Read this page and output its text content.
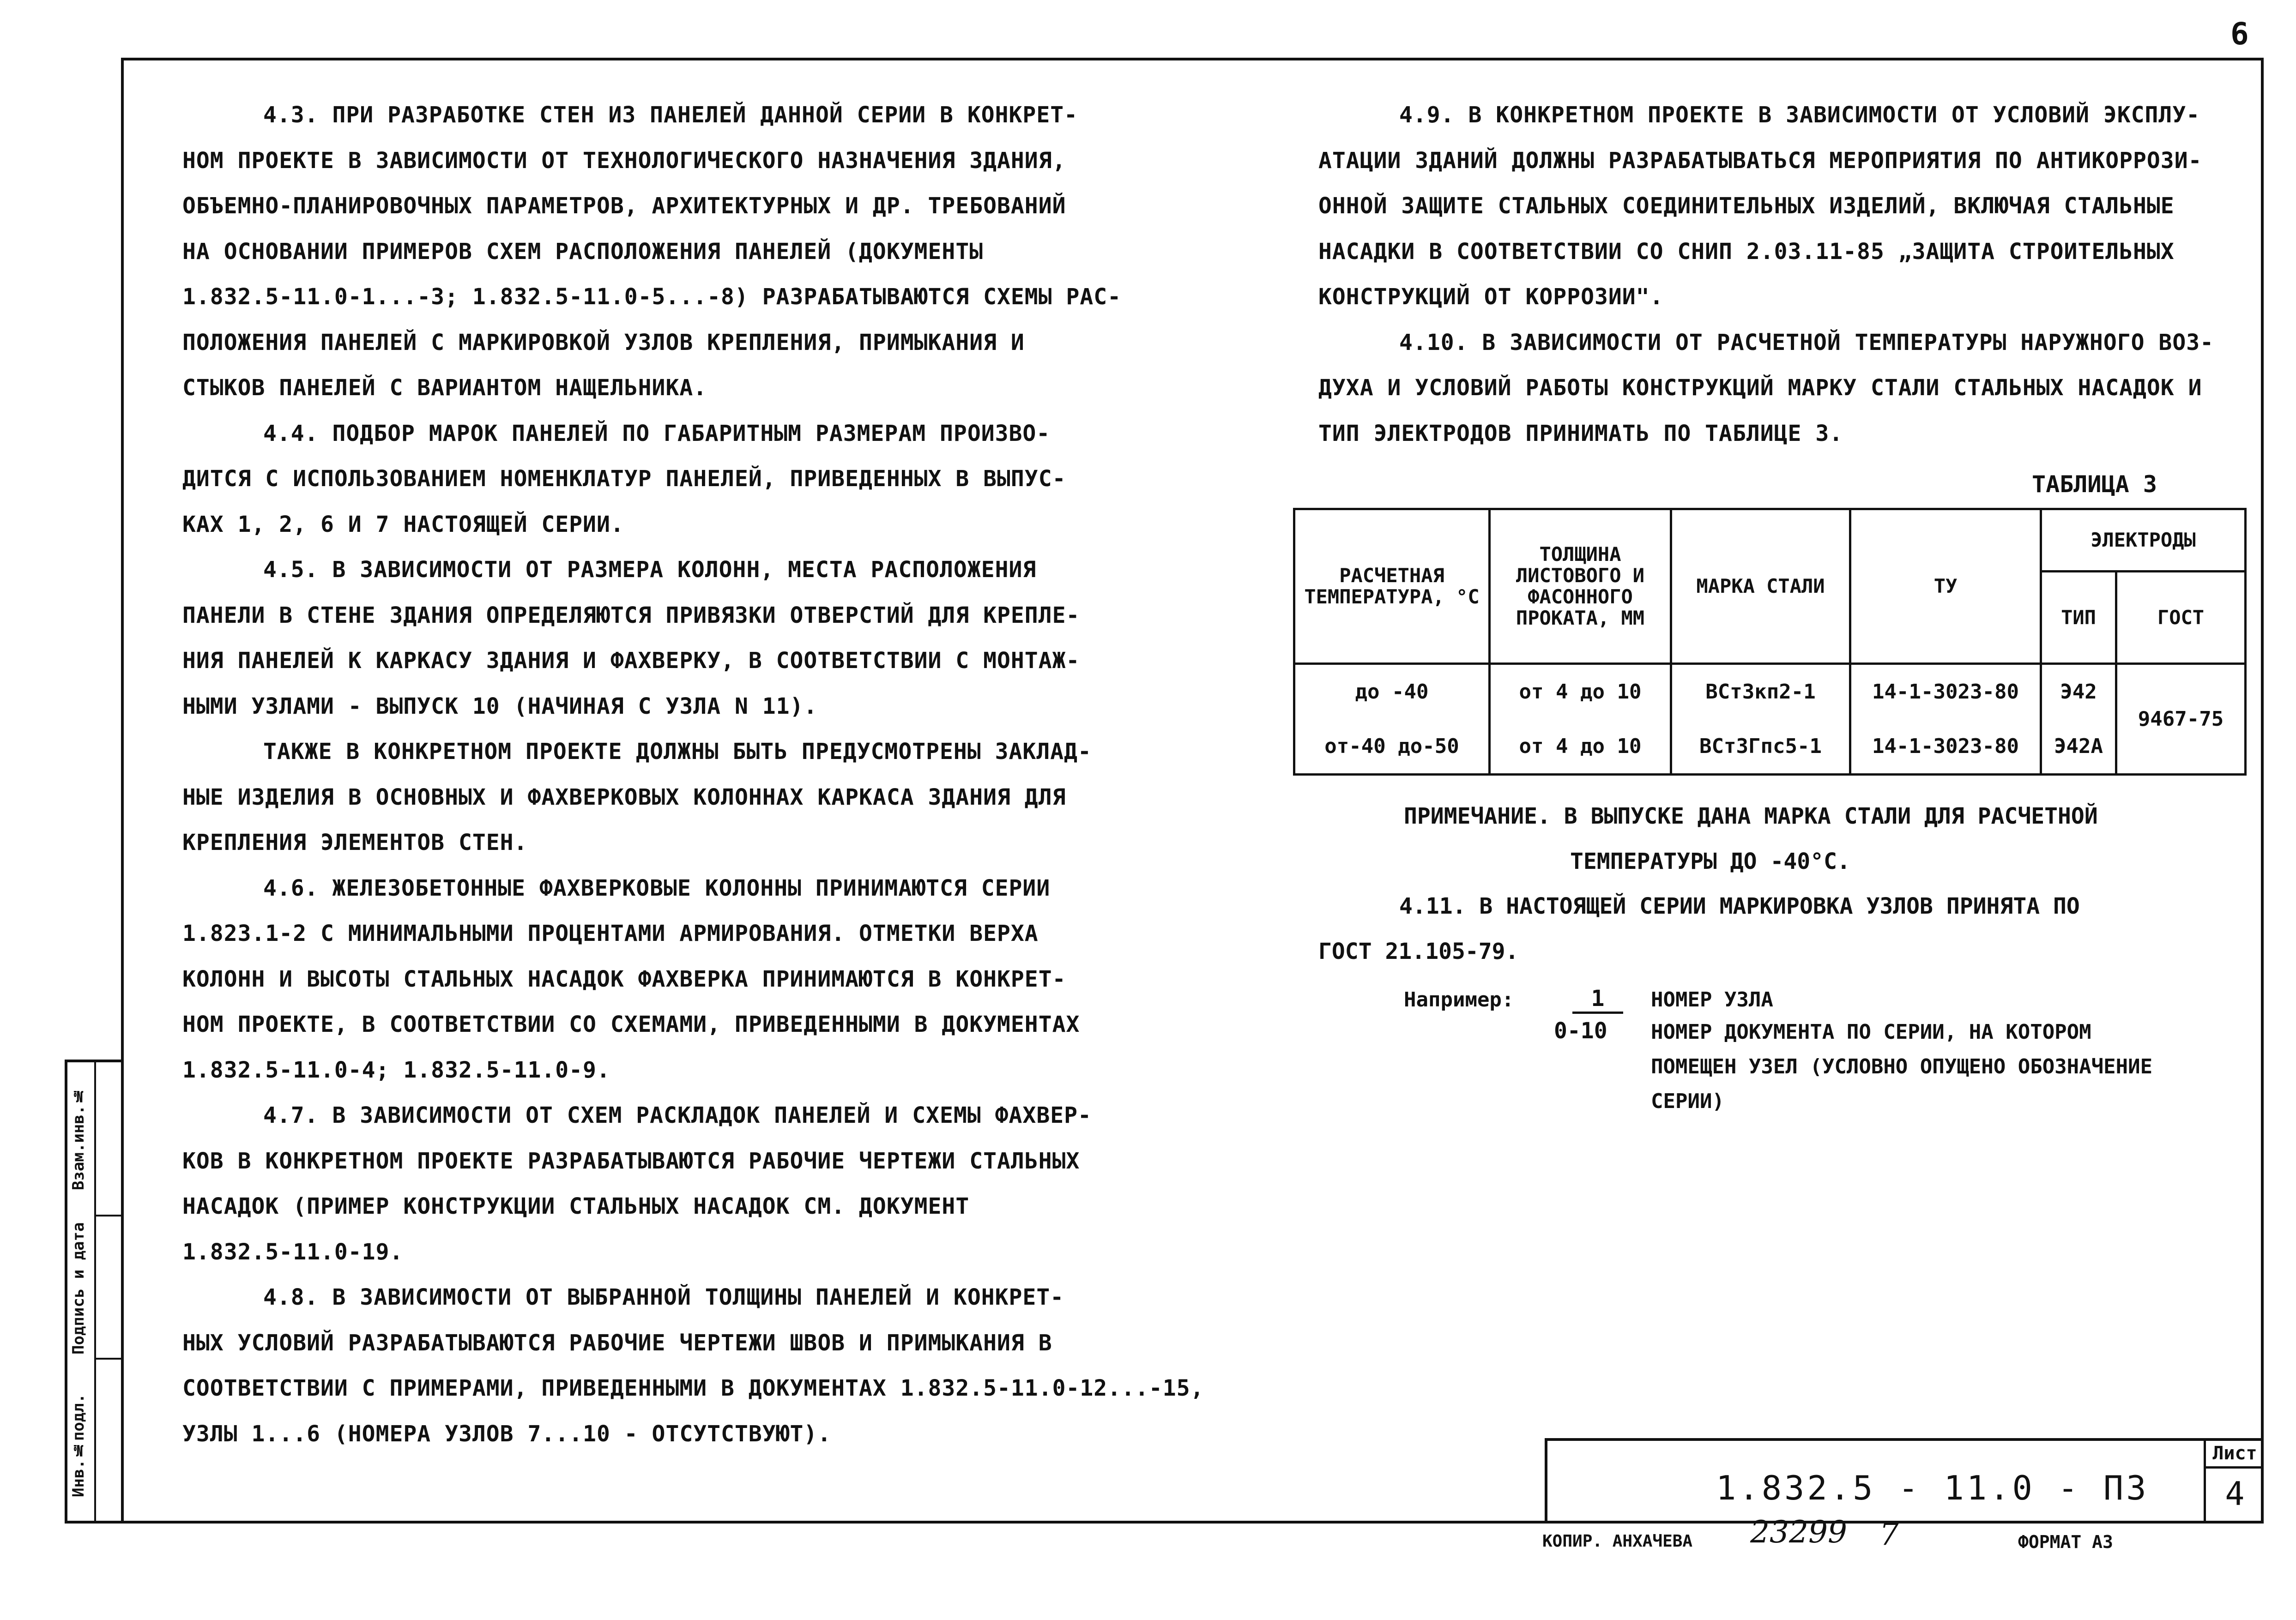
6
Инв.№подл.
Подпись и дата
Взам.инв.№

4.3. ПРИ РАЗРАБОТКЕ СТЕН ИЗ ПАНЕЛЕЙ ДАННОЙ СЕРИИ В КОНКРЕТ-

НОМ ПРОЕКТЕ В ЗАВИСИМОСТИ ОТ ТЕХНОЛОГИЧЕСКОГО НАЗНАЧЕНИЯ ЗДАНИЯ,

ОБЪЕМНО-ПЛАНИРОВОЧНЫХ ПАРАМЕТРОВ, АРХИТЕКТУРНЫХ И ДР. ТРЕБОВАНИЙ

НА ОСНОВАНИИ ПРИМЕРОВ СХЕМ РАСПОЛОЖЕНИЯ ПАНЕЛЕЙ (ДОКУМЕНТЫ

1.832.5-11.0-1...-3; 1.832.5-11.0-5...-8) РАЗРАБАТЫВАЮТСЯ СХЕМЫ РАС-

ПОЛОЖЕНИЯ ПАНЕЛЕЙ С МАРКИРОВКОЙ УЗЛОВ КРЕПЛЕНИЯ, ПРИМЫКАНИЯ И

СТЫКОВ ПАНЕЛЕЙ С ВАРИАНТОМ НАЩЕЛЬНИКА.

4.4. ПОДБОР МАРОК ПАНЕЛЕЙ ПО ГАБАРИТНЫМ РАЗМЕРАМ ПРОИЗВО-

ДИТСЯ С ИСПОЛЬЗОВАНИЕМ НОМЕНКЛАТУР ПАНЕЛЕЙ, ПРИВЕДЕННЫХ В ВЫПУС-

КАХ 1, 2, 6 И 7 НАСТОЯЩЕЙ СЕРИИ.

4.5. В ЗАВИСИМОСТИ ОТ РАЗМЕРА КОЛОНН, МЕСТА РАСПОЛОЖЕНИЯ

ПАНЕЛИ В СТЕНЕ ЗДАНИЯ ОПРЕДЕЛЯЮТСЯ ПРИВЯЗКИ ОТВЕРСТИЙ ДЛЯ КРЕПЛЕ-

НИЯ ПАНЕЛЕЙ К КАРКАСУ ЗДАНИЯ И ФАХВЕРКУ, В СООТВЕТСТВИИ С МОНТАЖ-

НЫМИ УЗЛАМИ - ВЫПУСК 10 (НАЧИНАЯ С УЗЛА N 11).

ТАКЖЕ В КОНКРЕТНОМ ПРОЕКТЕ ДОЛЖНЫ БЫТЬ ПРЕДУСМОТРЕНЫ ЗАКЛАД-

НЫЕ ИЗДЕЛИЯ В ОСНОВНЫХ И ФАХВЕРКОВЫХ КОЛОННАХ КАРКАСА ЗДАНИЯ ДЛЯ

КРЕПЛЕНИЯ ЭЛЕМЕНТОВ СТЕН.

4.6. ЖЕЛЕЗОБЕТОННЫЕ ФАХВЕРКОВЫЕ КОЛОННЫ ПРИНИМАЮТСЯ СЕРИИ

1.823.1-2 С МИНИМАЛЬНЫМИ ПРОЦЕНТАМИ АРМИРОВАНИЯ. ОТМЕТКИ ВЕРХА

КОЛОНН И ВЫСОТЫ СТАЛЬНЫХ НАСАДОК ФАХВЕРКА ПРИНИМАЮТСЯ В КОНКРЕТ-

НОМ ПРОЕКТЕ, В СООТВЕТСТВИИ СО СХЕМАМИ, ПРИВЕДЕННЫМИ В ДОКУМЕНТАХ

1.832.5-11.0-4; 1.832.5-11.0-9.

4.7. В ЗАВИСИМОСТИ ОТ СХЕМ РАСКЛАДОК ПАНЕЛЕЙ И СХЕМЫ ФАХВЕР-

КОВ В КОНКРЕТНОМ ПРОЕКТЕ РАЗРАБАТЫВАЮТСЯ РАБОЧИЕ ЧЕРТЕЖИ СТАЛЬНЫХ

НАСАДОК (ПРИМЕР КОНСТРУКЦИИ СТАЛЬНЫХ НАСАДОК СМ. ДОКУМЕНТ

1.832.5-11.0-19.

4.8. В ЗАВИСИМОСТИ ОТ ВЫБРАННОЙ ТОЛЩИНЫ ПАНЕЛЕЙ И КОНКРЕТ-

НЫХ УСЛОВИЙ РАЗРАБАТЫВАЮТСЯ РАБОЧИЕ ЧЕРТЕЖИ ШВОВ И ПРИМЫКАНИЯ В

СООТВЕТСТВИИ С ПРИМЕРАМИ, ПРИВЕДЕННЫМИ В ДОКУМЕНТАХ 1.832.5-11.0-12...-15,

УЗЛЫ 1...6 (НОМЕРА УЗЛОВ 7...10 - ОТСУТСТВУЮТ).

4.9. В КОНКРЕТНОМ ПРОЕКТЕ В ЗАВИСИМОСТИ ОТ УСЛОВИЙ ЭКСПЛУ-

АТАЦИИ ЗДАНИЙ ДОЛЖНЫ РАЗРАБАТЫВАТЬСЯ МЕРОПРИЯТИЯ ПО АНТИКОРРОЗИ-

ОННОЙ ЗАЩИТЕ СТАЛЬНЫХ СОЕДИНИТЕЛЬНЫХ ИЗДЕЛИЙ, ВКЛЮЧАЯ СТАЛЬНЫЕ

НАСАДКИ В СООТВЕТСТВИИ СО СНИП 2.03.11-85 „ЗАЩИТА СТРОИТЕЛЬНЫХ

КОНСТРУКЦИЙ ОТ КОРРОЗИИ".

4.10. В ЗАВИСИМОСТИ ОТ РАСЧЕТНОЙ ТЕМПЕРАТУРЫ НАРУЖНОГО ВОЗ-

ДУХА И УСЛОВИЙ РАБОТЫ КОНСТРУКЦИЙ МАРКУ СТАЛИ СТАЛЬНЫХ НАСАДОК И

ТИП ЭЛЕКТРОДОВ ПРИНИМАТЬ ПО ТАБЛИЦЕ 3.

ТАБЛИЦА 3
РАСЧЕТНАЯ ТЕМПЕРАТУРА, °С	ТОЛЩИНА ЛИСТОВОГО И ФАСОННОГО ПРОКАТА, ММ	МАРКА СТАЛИ	ТУ	ЭЛЕКТРОДЫ	
				ТИП	ГОСТ
до -40	от 4 до 10	ВСт3кп2-1	14-1-3023-80	Э42	9467-75
от-40 до-50	от 4 до 10	ВСт3Гпс5-1	14-1-3023-80	Э42А	
ПРИМЕЧАНИЕ. В ВЫПУСКЕ ДАНА МАРКА СТАЛИ ДЛЯ РАСЧЕТНОЙ
ТЕМПЕРАТУРЫ ДО -40°С.
4.11. В НАСТОЯЩЕЙ СЕРИИ МАРКИРОВКА УЗЛОВ ПРИНЯТА ПО
ГОСТ 21.105-79.
Например:	1
0-10
НОМЕР УЗЛА
НОМЕР ДОКУМЕНТА ПО СЕРИИ, НА КОТОРОМ
ПОМЕЩЕН УЗЕЛ (УСЛОВНО ОПУЩЕНО ОБОЗНАЧЕНИЕ
СЕРИИ)
1.832.5 - 11.0 - ПЗ
Лист
4
КОПИР. АНХАЧЕВА 23299 7	ФОРМАТ А3
